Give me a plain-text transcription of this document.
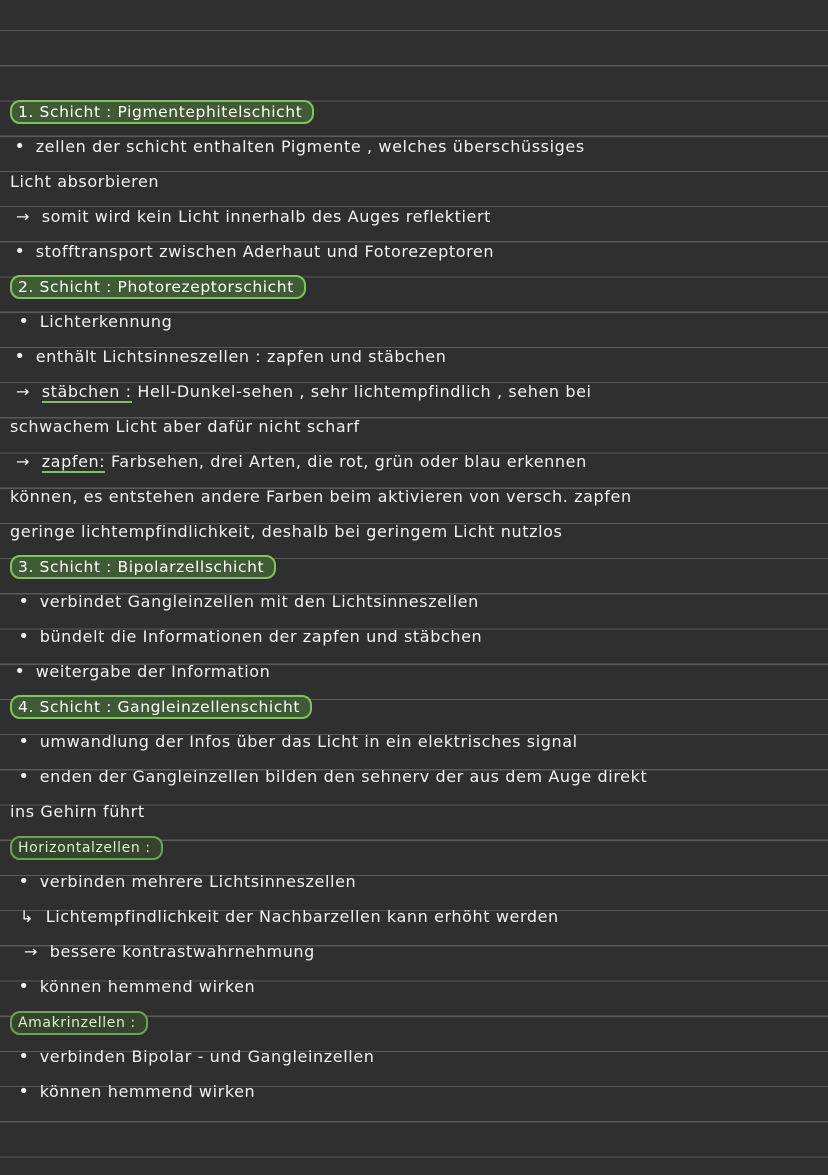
1. Schicht : Pigmentephitelschicht
• zellen der schicht enthalten Pigmente , welches überschüssiges
Licht absorbieren
→ somit wird kein Licht innerhalb des Auges reflektiert
• stofftransport zwischen Aderhaut und Fotorezeptoren
2. Schicht : Photorezeptorschicht
• Lichterkennung
• enthält Lichtsinneszellen : zapfen und stäbchen
→ stäbchen : Hell-Dunkel-sehen , sehr lichtempfindlich , sehen bei
schwachem Licht aber dafür nicht scharf
→ zapfen: Farbsehen, drei Arten, die rot, grün oder blau erkennen
können, es entstehen andere Farben beim aktivieren von versch. zapfen
geringe lichtempfindlichkeit, deshalb bei geringem Licht nutzlos
3. Schicht : Bipolarzellschicht
• verbindet Gangleinzellen mit den Lichtsinneszellen
• bündelt die Informationen der zapfen und stäbchen
• weitergabe der Information
4. Schicht : Gangleinzellenschicht
• umwandlung der Infos über das Licht in ein elektrisches signal
• enden der Gangleinzellen bilden den sehnerv der aus dem Auge direkt
ins Gehirn führt
Horizontalzellen :
• verbinden mehrere Lichtsinneszellen
↳ Lichtempfindlichkeit der Nachbarzellen kann erhöht werden
→ bessere kontrastwahrnehmung
• können hemmend wirken
Amakrinzellen :
• verbinden Bipolar - und Gangleinzellen
• können hemmend wirken
